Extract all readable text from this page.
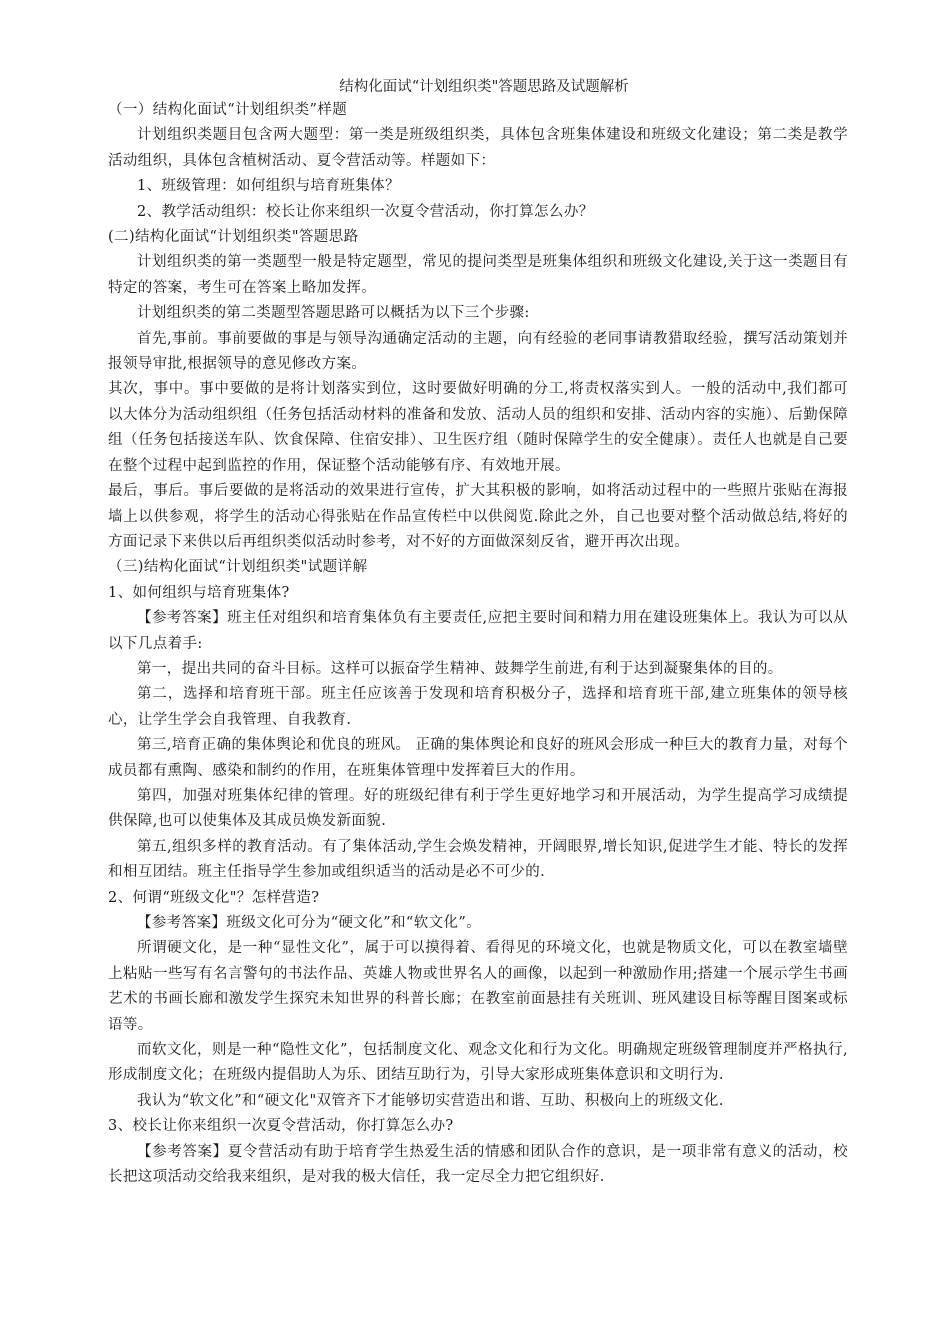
结构化面试“计划组织类"答题思路及试题解析

（一）结构化面试“计划组织类”样题

计划组织类题目包含两大题型：第一类是班级组织类，具体包含班集体建设和班级文化建设；第二类是教学活动组织，具体包含植树活动、夏令营活动等。样题如下：

1、班级管理：如何组织与培育班集体？

2、教学活动组织：校长让你来组织一次夏令营活动，你打算怎么办？

(二)结构化面试“计划组织类"答题思路

计划组织类的第一类题型一般是特定题型，常见的提问类型是班集体组织和班级文化建设,关于这一类题目有特定的答案，考生可在答案上略加发挥。

计划组织类的第二类题型答题思路可以概括为以下三个步骤:

首先,事前。事前要做的事是与领导沟通确定活动的主题，向有经验的老同事请教猎取经验，撰写活动策划并报领导审批,根据领导的意见修改方案。

其次，事中。事中要做的是将计划落实到位，这时要做好明确的分工,将责权落实到人。一般的活动中,我们都可以大体分为活动组织组（任务包括活动材料的准备和发放、活动人员的组织和安排、活动内容的实施）、后勤保障组（任务包括接送车队、饮食保障、住宿安排）、卫生医疗组（随时保障学生的安全健康）。责任人也就是自己要在整个过程中起到监控的作用，保证整个活动能够有序、有效地开展。

最后，事后。事后要做的是将活动的效果进行宣传，扩大其积极的影响，如将活动过程中的一些照片张贴在海报墙上以供参观，将学生的活动心得张贴在作品宣传栏中以供阅览.除此之外，自己也要对整个活动做总结,将好的方面记录下来供以后再组织类似活动时参考，对不好的方面做深刻反省，避开再次出现。

（三)结构化面试“计划组织类"试题详解

1、如何组织与培育班集体?

【参考答案】班主任对组织和培育集体负有主要责任,应把主要时间和精力用在建设班集体上。我认为可以从以下几点着手:

第一，提出共同的奋斗目标。这样可以振奋学生精神、鼓舞学生前进,有利于达到凝聚集体的目的。

第二，选择和培育班干部。班主任应该善于发现和培育积极分子，选择和培育班干部,建立班集体的领导核心，让学生学会自我管理、自我教育.

第三,培育正确的集体舆论和优良的班风。 正确的集体舆论和良好的班风会形成一种巨大的教育力量，对每个成员都有熏陶、感染和制约的作用，在班集体管理中发挥着巨大的作用。

第四，加强对班集体纪律的管理。好的班级纪律有利于学生更好地学习和开展活动，为学生提高学习成绩提供保障,也可以使集体及其成员焕发新面貌.

第五,组织多样的教育活动。有了集体活动,学生会焕发精神，开阔眼界,增长知识,促进学生才能、特长的发挥和相互团结。班主任指导学生参加或组织适当的活动是必不可少的.

2、何谓“班级文化"？怎样营造?

【参考答案】班级文化可分为“硬文化”和“软文化”。

所谓硬文化，是一种“显性文化”，属于可以摸得着、看得见的环境文化，也就是物质文化，可以在教室墙壁上粘贴一些写有名言警句的书法作品、英雄人物或世界名人的画像，以起到一种激励作用;搭建一个展示学生书画艺术的书画长廊和激发学生探究未知世界的科普长廊；在教室前面悬挂有关班训、班风建设目标等醒目图案或标语等。

而软文化，则是一种“隐性文化”，包括制度文化、观念文化和行为文化。明确规定班级管理制度并严格执行,形成制度文化；在班级内提倡助人为乐、团结互助行为，引导大家形成班集体意识和文明行为.

我认为“软文化”和“硬文化"双管齐下才能够切实营造出和谐、互助、积极向上的班级文化.

3、校长让你来组织一次夏令营活动，你打算怎么办?

【参考答案】夏令营活动有助于培育学生热爱生活的情感和团队合作的意识，是一项非常有意义的活动，校长把这项活动交给我来组织，是对我的极大信任，我一定尽全力把它组织好.
